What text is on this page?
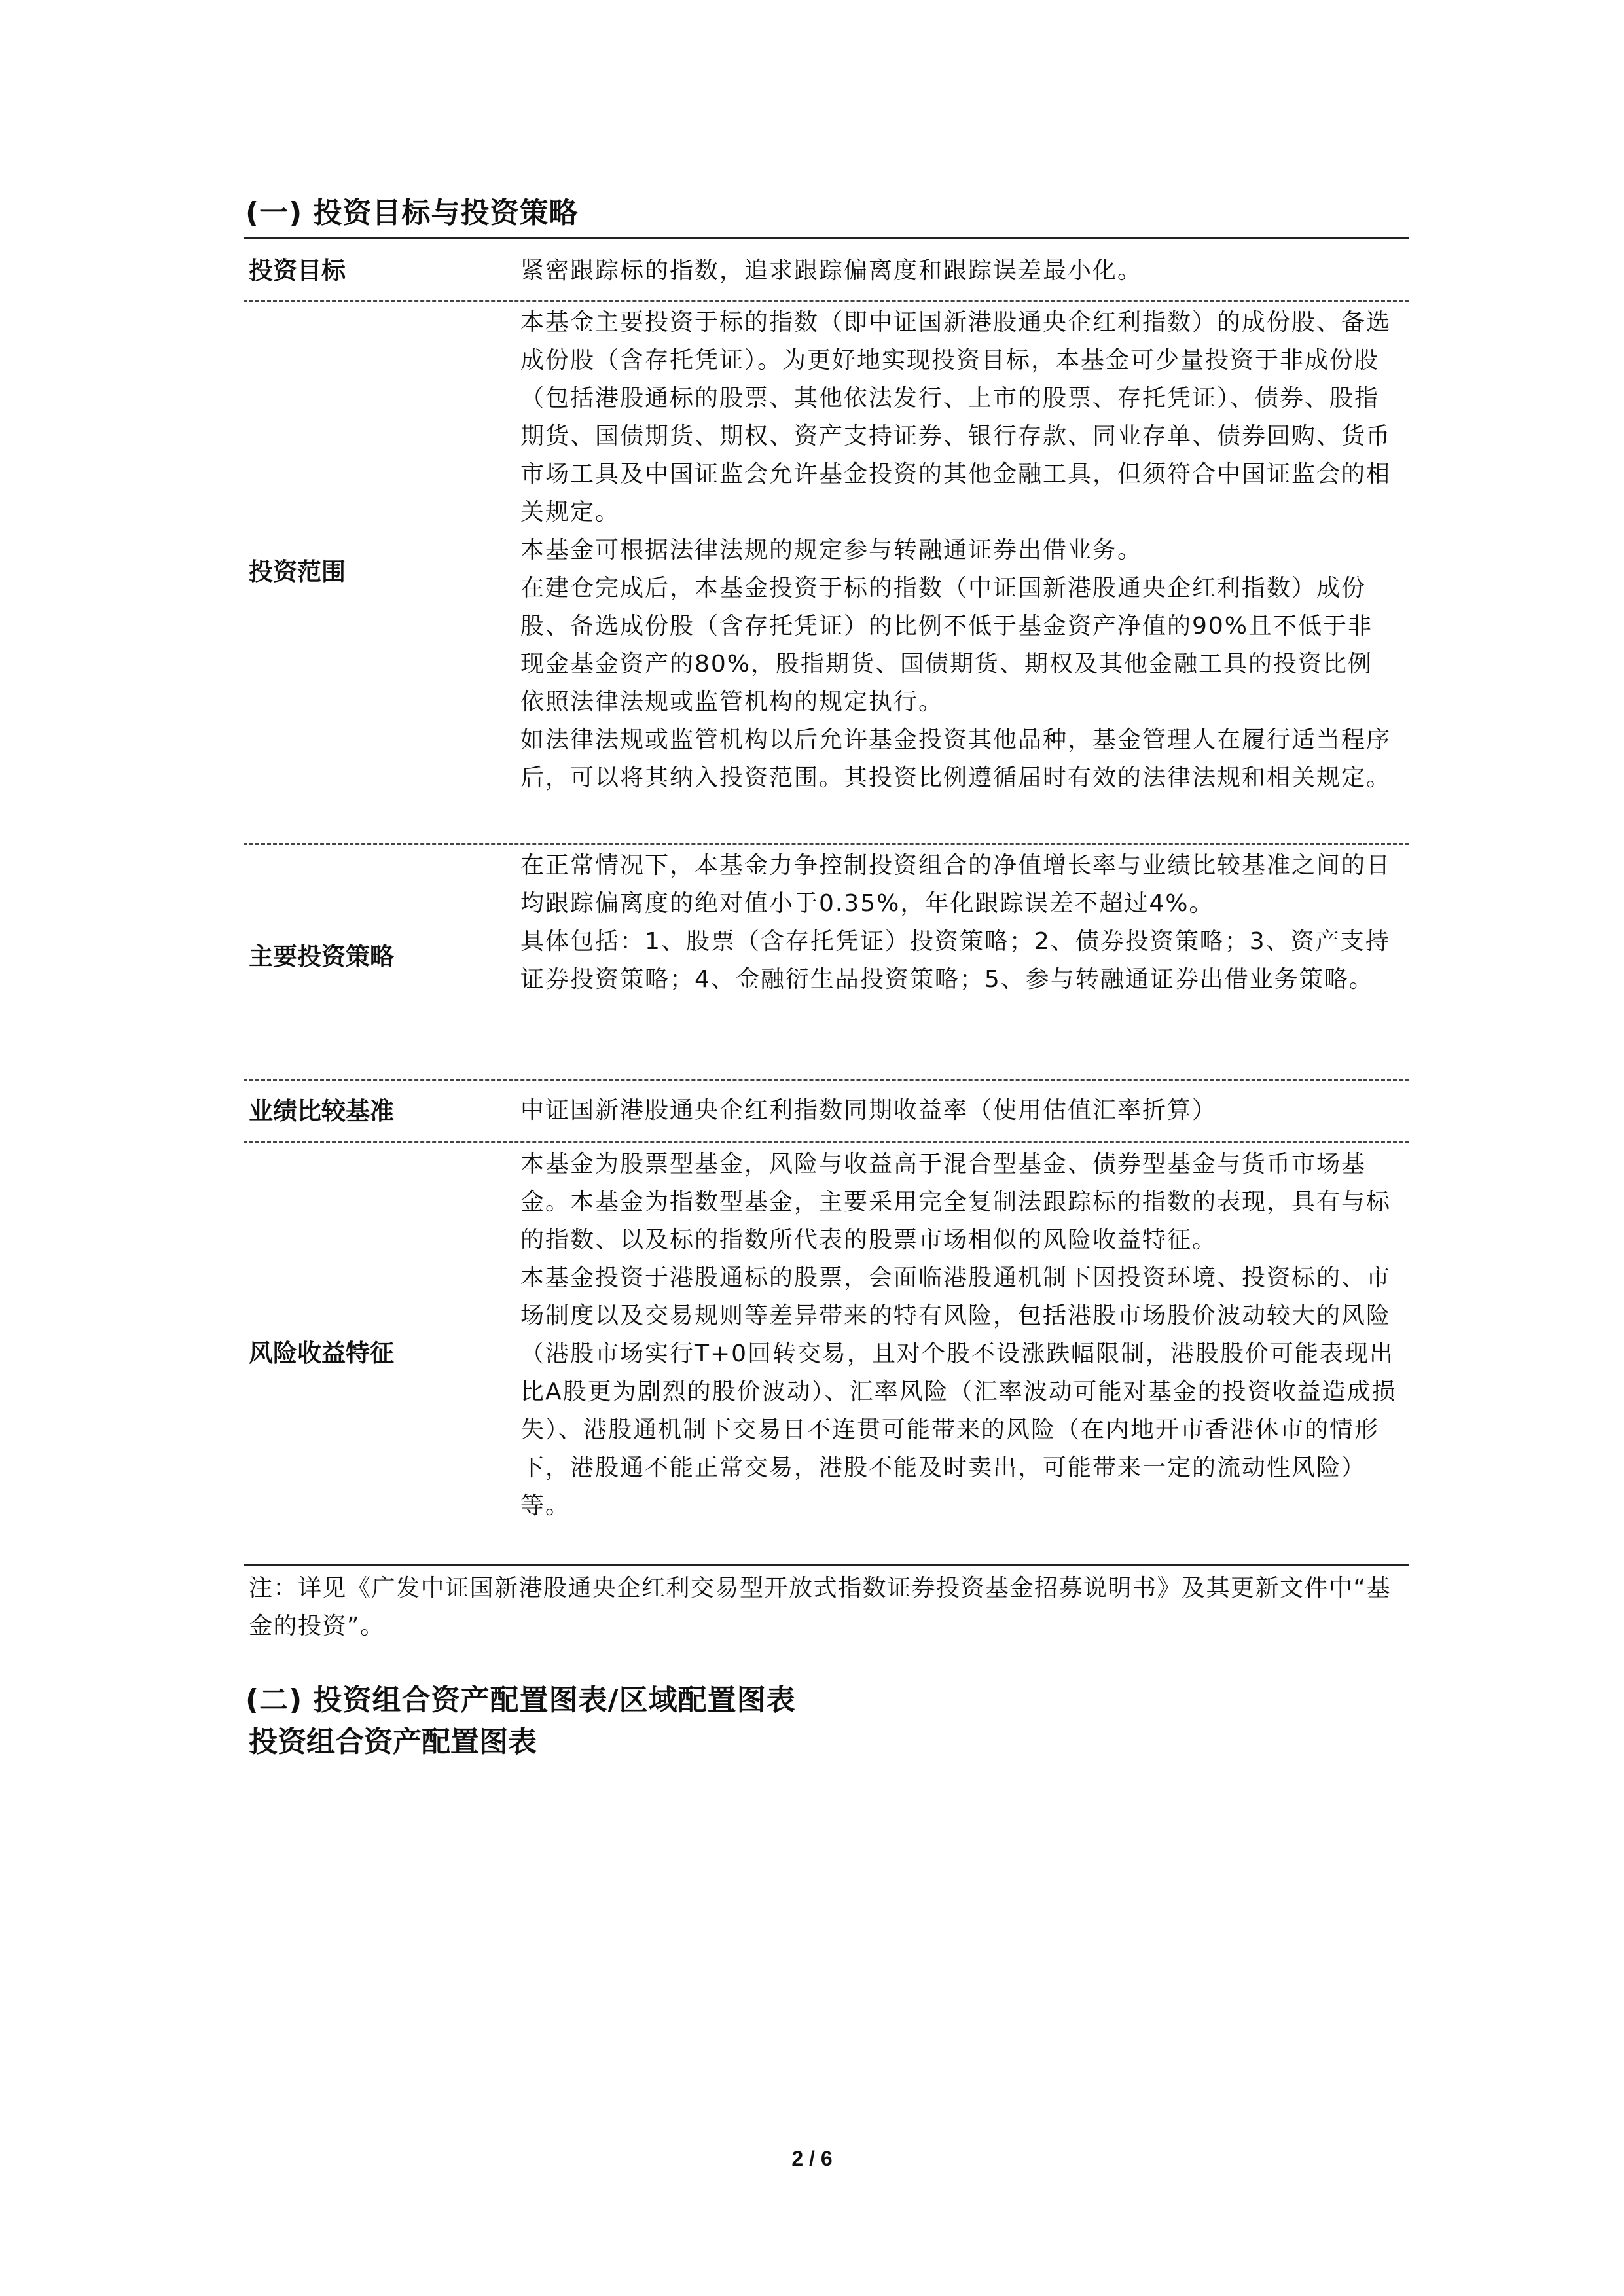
(一) 投资目标与投资策略
投资目标	紧密跟踪标的指数，追求跟踪偏离度和跟踪误差最小化。

投资范围

本基金主要投资于标的指数（即中证国新港股通央企红利指数）的成份股、备选成份股（含存托凭证）。为更好地实现投资目标，本基金可少量投资于非成份股（包括港股通标的股票、其他依法发行、上市的股票、存托凭证）、债券、股指期货、国债期货、期权、资产支持证券、银行存款、同业存单、债券回购、货币市场工具及中国证监会允许基金投资的其他金融工具，但须符合中国证监会的相关规定。

本基金可根据法律法规的规定参与转融通证券出借业务。

在建仓完成后，本基金投资于标的指数（中证国新港股通央企红利指数）成份股、备选成份股（含存托凭证）的比例不低于基金资产净值的90%且不低于非现金基金资产的80%，股指期货、国债期货、期权及其他金融工具的投资比例依照法律法规或监管机构的规定执行。

如法律法规或监管机构以后允许基金投资其他品种，基金管理人在履行适当程序后，可以将其纳入投资范围。其投资比例遵循届时有效的法律法规和相关规定。

主要投资策略

在正常情况下，本基金力争控制投资组合的净值增长率与业绩比较基准之间的日均跟踪偏离度的绝对值小于0.35%，年化跟踪误差不超过4%。

具体包括：1、股票（含存托凭证）投资策略；2、债券投资策略；3、资产支持证券投资策略；4、金融衍生品投资策略；5、参与转融通证券出借业务策略。

业绩比较基准	中证国新港股通央企红利指数同期收益率（使用估值汇率折算）

风险收益特征

本基金为股票型基金，风险与收益高于混合型基金、债券型基金与货币市场基金。本基金为指数型基金，主要采用完全复制法跟踪标的指数的表现，具有与标的指数、以及标的指数所代表的股票市场相似的风险收益特征。

本基金投资于港股通标的股票，会面临港股通机制下因投资环境、投资标的、市场制度以及交易规则等差异带来的特有风险，包括港股市场股价波动较大的风险（港股市场实行T+0回转交易，且对个股不设涨跌幅限制，港股股价可能表现出比A股更为剧烈的股价波动）、汇率风险（汇率波动可能对基金的投资收益造成损失）、港股通机制下交易日不连贯可能带来的风险（在内地开市香港休市的情形下，港股通不能正常交易，港股不能及时卖出，可能带来一定的流动性风险）等。

注：详见《广发中证国新港股通央企红利交易型开放式指数证券投资基金招募说明书》及其更新文件中“基金的投资”。
(二) 投资组合资产配置图表/区域配置图表
投资组合资产配置图表
2 / 6
